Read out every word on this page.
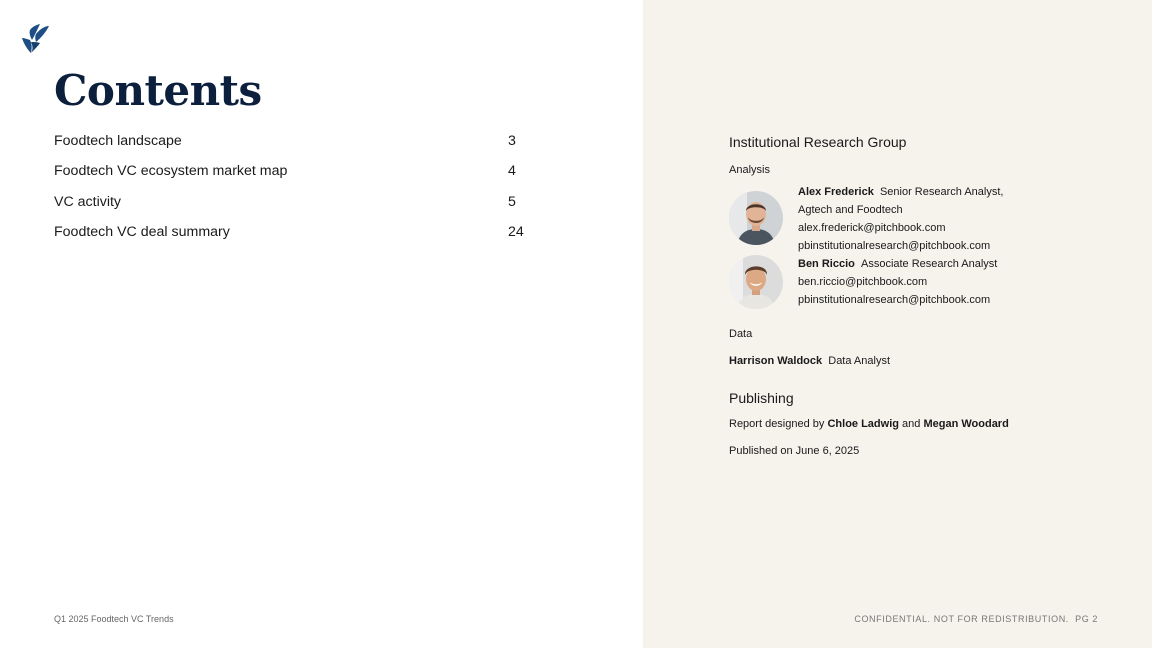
Contents
Foodtech landscape	3
Foodtech VC ecosystem market map	4
VC activity	5
Foodtech VC deal summary	24
Institutional Research Group
Analysis
Alex Frederick Senior Research Analyst,
Agtech and Foodtech
alex.frederick@pitchbook.com
pbinstitutionalresearch@pitchbook.com
Ben Riccio Associate Research Analyst
ben.riccio@pitchbook.com
pbinstitutionalresearch@pitchbook.com
Data
Harrison Waldock Data Analyst
Publishing
Report designed by Chloe Ladwig and Megan Woodard
Published on June 6, 2025
Q1 2025 Foodtech VC Trends	CONFIDENTIAL. NOT FOR REDISTRIBUTION.  PG 2
